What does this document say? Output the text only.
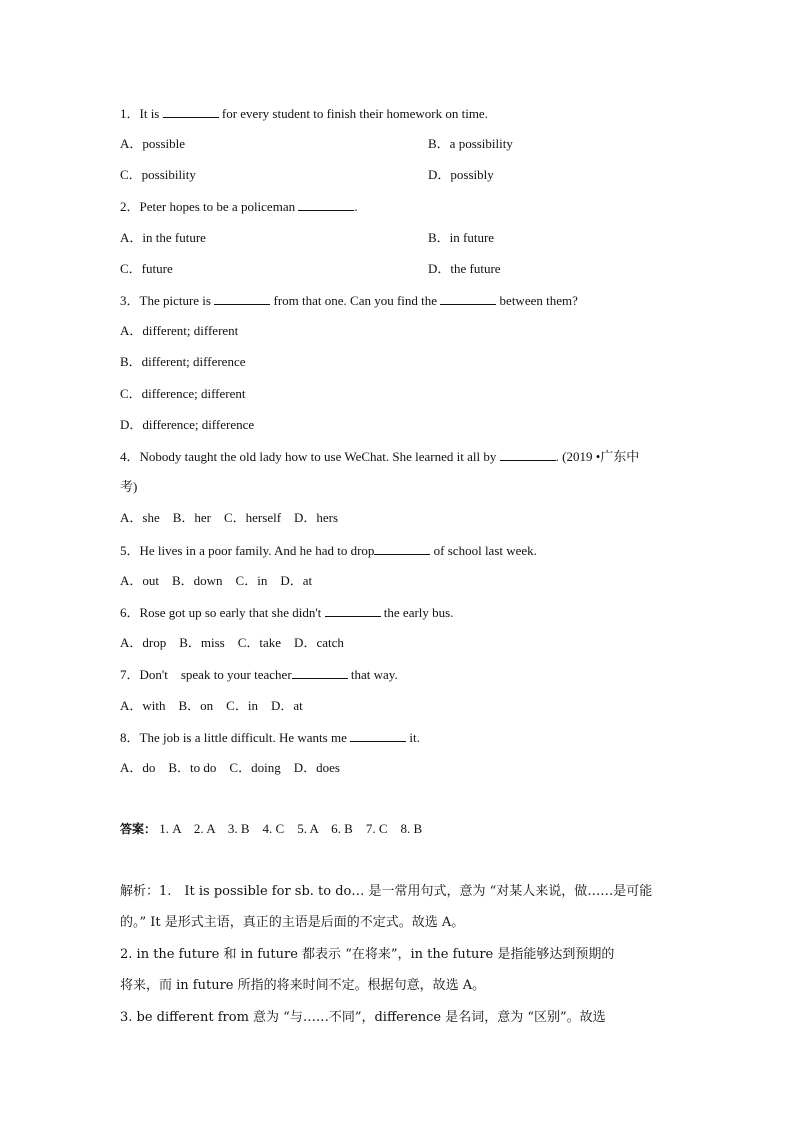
1．It is	for every student to finish their homework on time.
A．possible	B．a possibility
C．possibility	D．possibly
2．Peter hopes to be a policeman	.
A．in the future	B．in future
C．future	D．the future
3．The picture is	from that one. Can you find the	between them?
A．different; different
B．different; difference
C．difference; different
D．difference; difference
4．Nobody taught the old lady how to use WeChat. She learned it all by	. (2019 •广东中
考)
A．she　B．her　C．herself　D．hers
5．He lives in a poor family. And he had to drop	of school last week.
A．out　B．down　C．in　D．at
6．Rose got up so early that she didn't	the early bus.
A．drop　B．miss　C．take　D．catch
7．Don't　speak to your teacher	that way.
A．with　B．on　C．in　D．at
8．The job is a little difficult. He wants me	it.
A．do　B．to do　C．doing　D．does
答案： 1. A　2. A　3. B　4. C　5. A　6. B　7. C　8. B
解析：1.　It is possible for sb. to do… 是一常用句式，意为 “对某人来说，做……是可能
的。” It 是形式主语，真正的主语是后面的不定式。故选 A。
2. in the future 和 in future 都表示 “在将来”，in the future 是指能够达到预期的
将来，而 in future 所指的将来时间不定。根据句意，故选 A。
3. be different from 意为 “与……不同”，difference 是名词，意为 “区别”。故选
